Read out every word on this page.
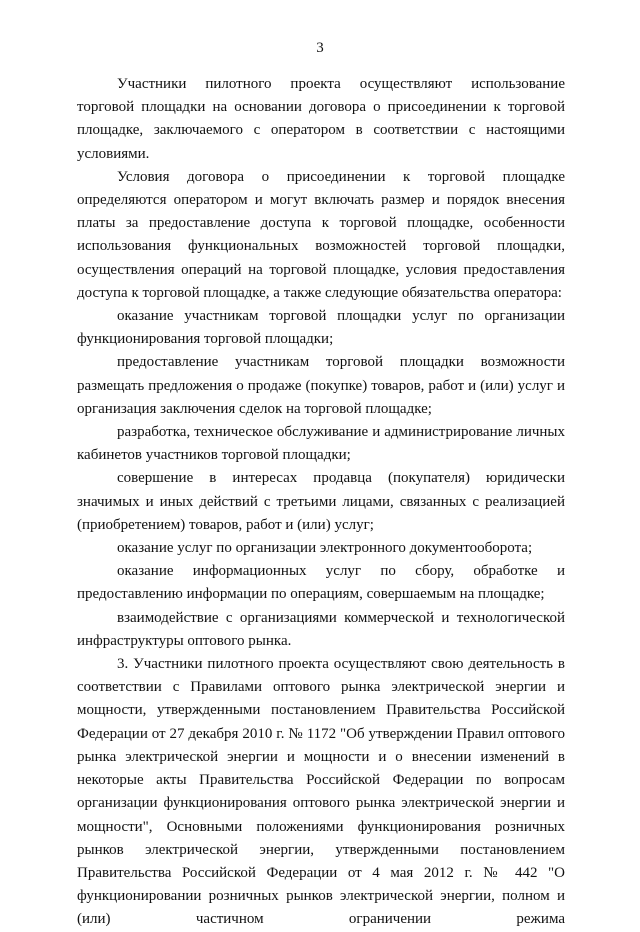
3

Участники пилотного проекта осуществляют использование торговой площадки на основании договора о присоединении к торговой площадке, заключаемого с оператором в соответствии с настоящими условиями.

Условия договора о присоединении к торговой площадке определяются оператором и могут включать размер и порядок внесения платы за предоставление доступа к торговой площадке, особенности использования функциональных возможностей торговой площадки, осуществления операций на торговой площадке, условия предоставления доступа к торговой площадке, а также следующие обязательства оператора:

оказание участникам торговой площадки услуг по организации функционирования торговой площадки;

предоставление участникам торговой площадки возможности размещать предложения о продаже (покупке) товаров, работ и (или) услуг и организация заключения сделок на торговой площадке;

разработка, техническое обслуживание и администрирование личных кабинетов участников торговой площадки;

совершение в интересах продавца (покупателя) юридически значимых и иных действий с третьими лицами, связанных с реализацией (приобретением) товаров, работ и (или) услуг;

оказание услуг по организации электронного документооборота;

оказание информационных услуг по сбору, обработке и предоставлению информации по операциям, совершаемым на площадке;

взаимодействие с организациями коммерческой и технологической инфраструктуры оптового рынка.

3. Участники пилотного проекта осуществляют свою деятельность в соответствии с Правилами оптового рынка электрической энергии и мощности, утвержденными постановлением Правительства Российской Федерации от 27 декабря 2010 г. № 1172 "Об утверждении Правил оптового рынка электрической энергии и мощности и о внесении изменений в некоторые акты Правительства Российской Федерации по вопросам организации функционирования оптового рынка электрической энергии и мощности", Основными положениями функционирования розничных рынков электрической энергии, утвержденными постановлением Правительства Российской Федерации от 4 мая 2012 г. № 442 "О функционировании розничных рынков электрической энергии, полном и (или) частичном ограничении режима
